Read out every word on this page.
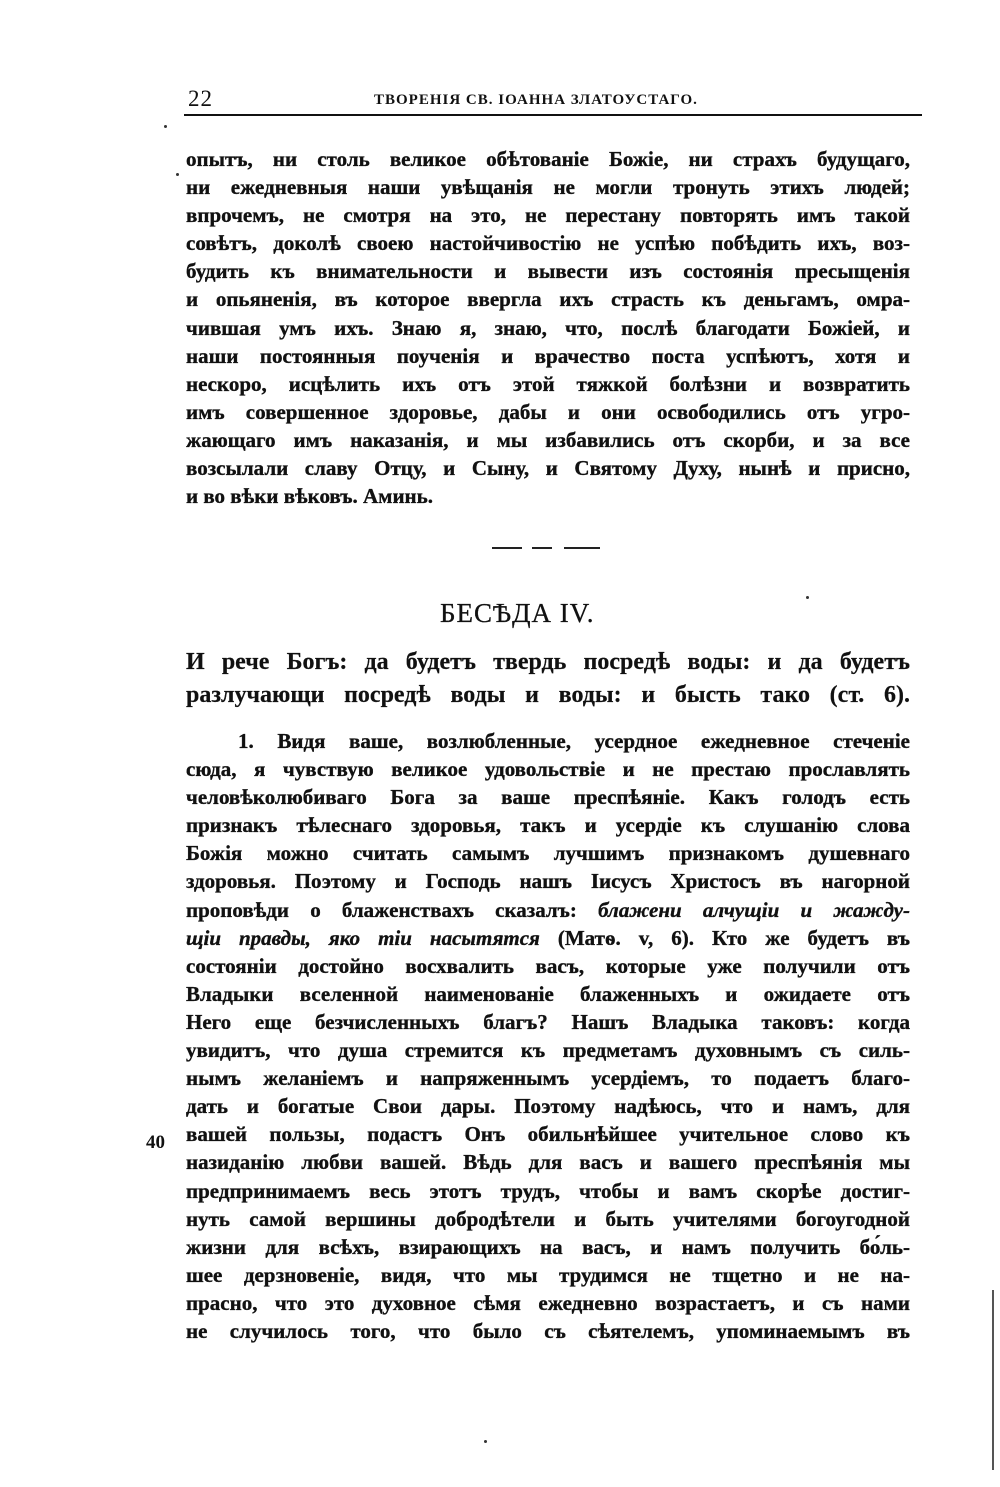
22	ТВОРЕНІЯ СВ. ІОАННА ЗЛАТОУСТАГО.
опытъ, ни столь великое обѣтованіе Божіе, ни страхъ будущаго,
ни ежедневныя наши увѣщанія не могли тронуть этихъ людей;
впрочемъ, не смотря на это, не перестану повторять имъ такой
совѣтъ, доколѣ своею настойчивостію не успѣю побѣдить ихъ, воз-
будить къ внимательности и вывести изъ состоянія пресыщенія
и опьяненія, въ которое ввергла ихъ страсть къ деньгамъ, омра-
чившая умъ ихъ. Знаю я, знаю, что, послѣ благодати Божіей, и
наши постоянныя поученія и врачество поста успѣютъ, хотя и
нескоро, исцѣлить ихъ отъ этой тяжкой болѣзни и возвратить
имъ совершенное здоровье, дабы и они освободились отъ угро-
жающаго имъ наказанія, и мы избавились отъ скорби, и за все
возсылали славу Отцу, и Сыну, и Святому Духу, нынѣ и присно,
и во вѣки вѣковъ. Аминь.
БЕСѢДА IV.
И рече Богъ: да будетъ твердь посредѣ воды: и да будетъ
разлучающи посредѣ воды и воды: и бысть тако (ст. 6).
1. Видя ваше, возлюбленные, усердное ежедневное стеченіе
сюда, я чувствую великое удовольствіе и не престаю прославлять
человѣколюбиваго Бога за ваше преспѣяніе. Какъ голодъ есть
признакъ тѣлеснаго здоровья, такъ и усердіе къ слушанію слова
Божія можно считать самымъ лучшимъ признакомъ душевнаго
здоровья. Поэтому и Господь нашъ Іисусъ Христосъ въ нагорной
проповѣди о блаженствахъ сказалъ: блажени алчущіи и жажду-
щіи правды, яко тіи насытятся (Матѳ. v, 6). Кто же будетъ въ
состояніи достойно восхвалить васъ, которые уже получили отъ
Владыки вселенной наименованіе блаженныхъ и ожидаете отъ
Него еще безчисленныхъ благъ? Нашъ Владыка таковъ: когда
увидитъ, что душа стремится къ предметамъ духовнымъ съ силь-
нымъ желаніемъ и напряженнымъ усердіемъ, то подаетъ благо-
дать и богатые Свои дары. Поэтому надѣюсь, что и намъ, для
вашей пользы, подастъ Онъ обильнѣйшее учительное слово къ
назиданію любви вашей. Вѣдь для васъ и вашего преспѣянія мы
предпринимаемъ весь этотъ трудъ, чтобы и вамъ скорѣе достиг-
нуть самой вершины добродѣтели и быть учителями богоугодной
жизни для всѣхъ, взирающихъ на васъ, и намъ получить бо́ль-
шее дерзновеніе, видя, что мы трудимся не тщетно и не на-
прасно, что это духовное сѣмя ежедневно возрастаетъ, и съ нами
не случилось того, что было съ сѣятелемъ, упоминаемымъ въ
40
